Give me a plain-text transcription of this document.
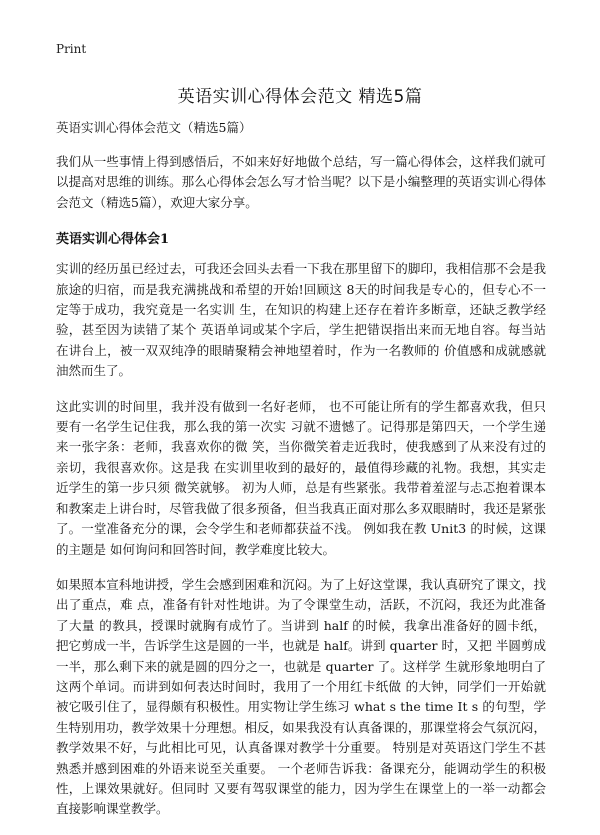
Print
英语实训心得体会范文 精选5篇

英语实训心得体会范文（精选5篇）

我们从一些事情上得到感悟后，不如来好好地做个总结，写一篇心得体会，这样我们就可以提高对思维的训练。那么心得体会怎么写才恰当呢？以下是小编整理的英语实训心得体会范文（精选5篇），欢迎大家分享。

英语实训心得体会1

实训的经历虽已经过去，可我还会回头去看一下我在那里留下的脚印，我相信那不会是我旅途的归宿，而是我充满挑战和希望的开始!回顾这 8天的时间我是专心的，但专心不一定等于成功，我究竟是一名实训 生，在知识的构建上还存在着许多断章，还缺乏教学经验，甚至因为读错了某个 英语单词或某个字后，学生把错误指出来而无地自容。每当站在讲台上，被一双双纯净的眼睛聚精会神地望着时，作为一名教师的 价值感和成就感就油然而生了。

这此实训的时间里，我并没有做到一名好老师， 也不可能让所有的学生都喜欢我，但只要有一名学生记住我，那么我的第一次实 习就不遗憾了。记得那是第四天，一个学生递来一张字条：老师，我喜欢你的微 笑，当你微笑着走近我时，使我感到了从来没有过的亲切，我很喜欢你。这是我 在实训里收到的最好的，最值得珍藏的礼物。我想，其实走近学生的第一步只须 微笑就够。 初为人师，总是有些紧张。我带着羞涩与忐忑抱着课本和教案走上讲台时，尽管我做了很多预备，但当我真正面对那么多双眼睛时，我还是紧张了。一堂准备充分的课，会令学生和老师都获益不浅。 例如我在教 Unit3 的时候，这课的主题是 如何询问和回答时间，教学难度比较大。

如果照本宣科地讲授，学生会感到困难和沉闷。为了上好这堂课，我认真研究了课文，找出了重点，难 点，准备有针对性地讲。为了令课堂生动，活跃，不沉闷，我还为此准备了大量 的教具，授课时就胸有成竹了。当讲到 half 的时候，我拿出准备好的圆卡纸， 把它剪成一半，告诉学生这是圆的一半，也就是 half。讲到 quarter 时，又把 半圆剪成一半，那么剩下来的就是圆的四分之一，也就是 quarter 了。这样学 生就形象地明白了这两个单词。而讲到如何表达时间时，我用了一个用红卡纸做 的大钟，同学们一开始就被它吸引住了，显得颇有积极性。用实物让学生练习 what s the time It s 的句型，学生特别用功，教学效果十分理想。相反，如果我没有认真备课的，那课堂将会气氛沉闷，教学效果不好，与此相比可见，认真备课对教学十分重要。 特别是对英语这门学生不甚熟悉并感到困难的外语来说至关重要。 一个老师告诉我：备课充分，能调动学生的积极性，上课效果就好。但同时 又要有驾驭课堂的能力，因为学生在课堂上的一举一动都会直接影响课堂教学。
